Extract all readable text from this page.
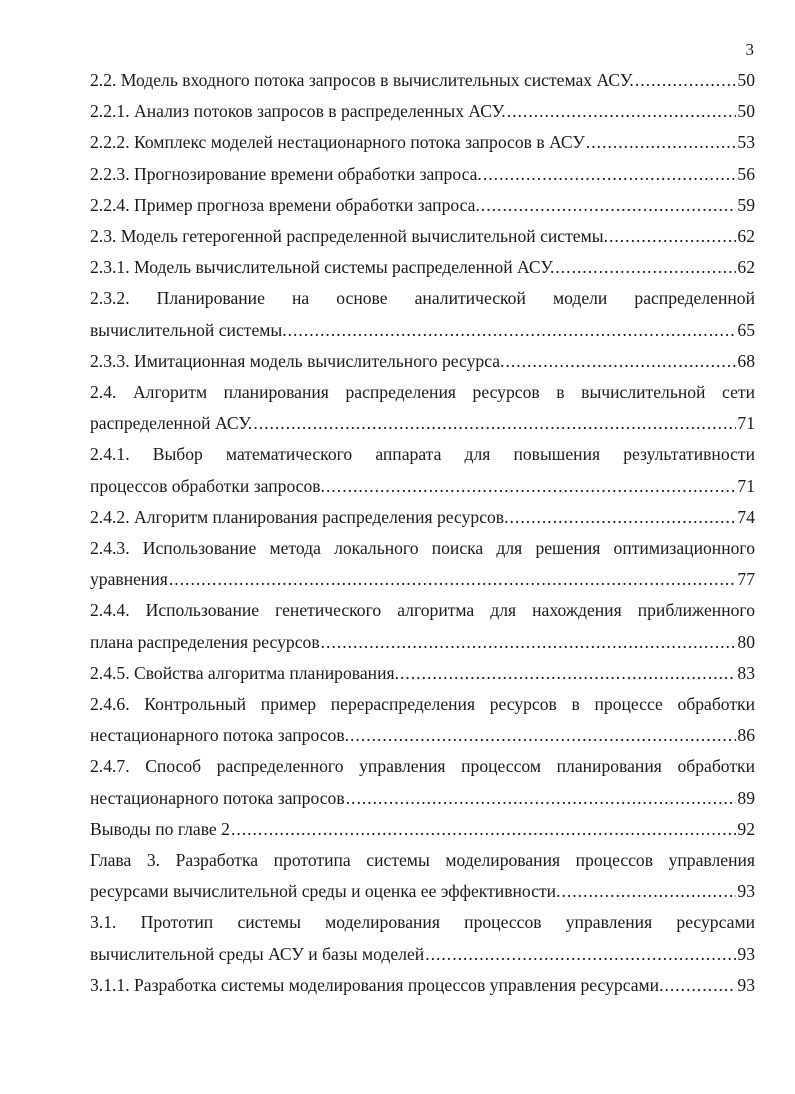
3
2.2. Модель входного потока запросов в вычислительных системах АСУ. .....	50
2.2.1. Анализ потоков запросов в распределенных АСУ. .....	50
2.2.2. Комплекс моделей нестационарного потока запросов в АСУ .....	53
2.2.3. Прогнозирование времени обработки запроса. .....	56
2.2.4. Пример прогноза времени обработки запроса. .....	59
2.3. Модель гетерогенной распределенной вычислительной системы. .....	62
2.3.1. Модель вычислительной системы распределенной АСУ. .....	62
2.3.2. Планирование на основе аналитической модели распределенной
вычислительной системы. .....	65
2.3.3. Имитационная модель вычислительного ресурса. .....	68
2.4. Алгоритм планирования распределения ресурсов в вычислительной сети
распределенной АСУ. .....	71
2.4.1. Выбор математического аппарата для повышения результативности
процессов обработки запросов. .....	71
2.4.2. Алгоритм планирования распределения ресурсов. .....	74
2.4.3. Использование метода локального поиска для решения оптимизационного
уравнения .....	77
2.4.4. Использование генетического алгоритма для нахождения приближенного
плана распределения ресурсов .....	80
2.4.5. Свойства алгоритма планирования. .....	83
2.4.6. Контрольный пример перераспределения ресурсов в процессе обработки
нестационарного потока запросов. .....	86
2.4.7. Способ распределенного управления процессом планирования обработки
нестационарного потока запросов .....	89
Выводы по главе 2 .....	92
Глава 3. Разработка прототипа системы моделирования процессов управления
ресурсами вычислительной среды и оценка ее эффективности. .....	93
3.1. Прототип системы моделирования процессов управления ресурсами
вычислительной среды АСУ и базы моделей .....	93
3.1.1. Разработка системы моделирования процессов управления ресурсами. .....	93
